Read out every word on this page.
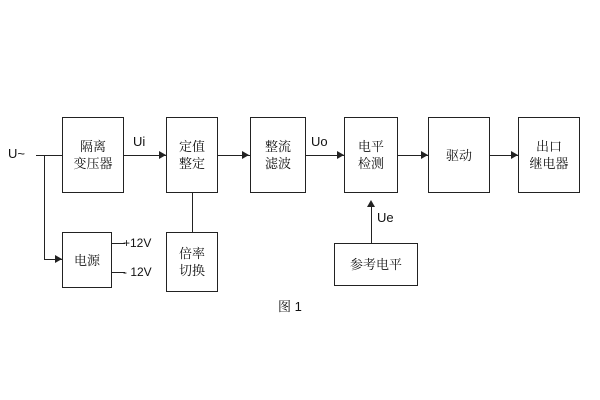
U~	隔离
变压器
Ui
电源
+12V
- 12V
定值
整定
倍率
切换
整流
滤波
Uo 电平
检测
Ue
参考电平
驱动
出口
继电器
图 1
